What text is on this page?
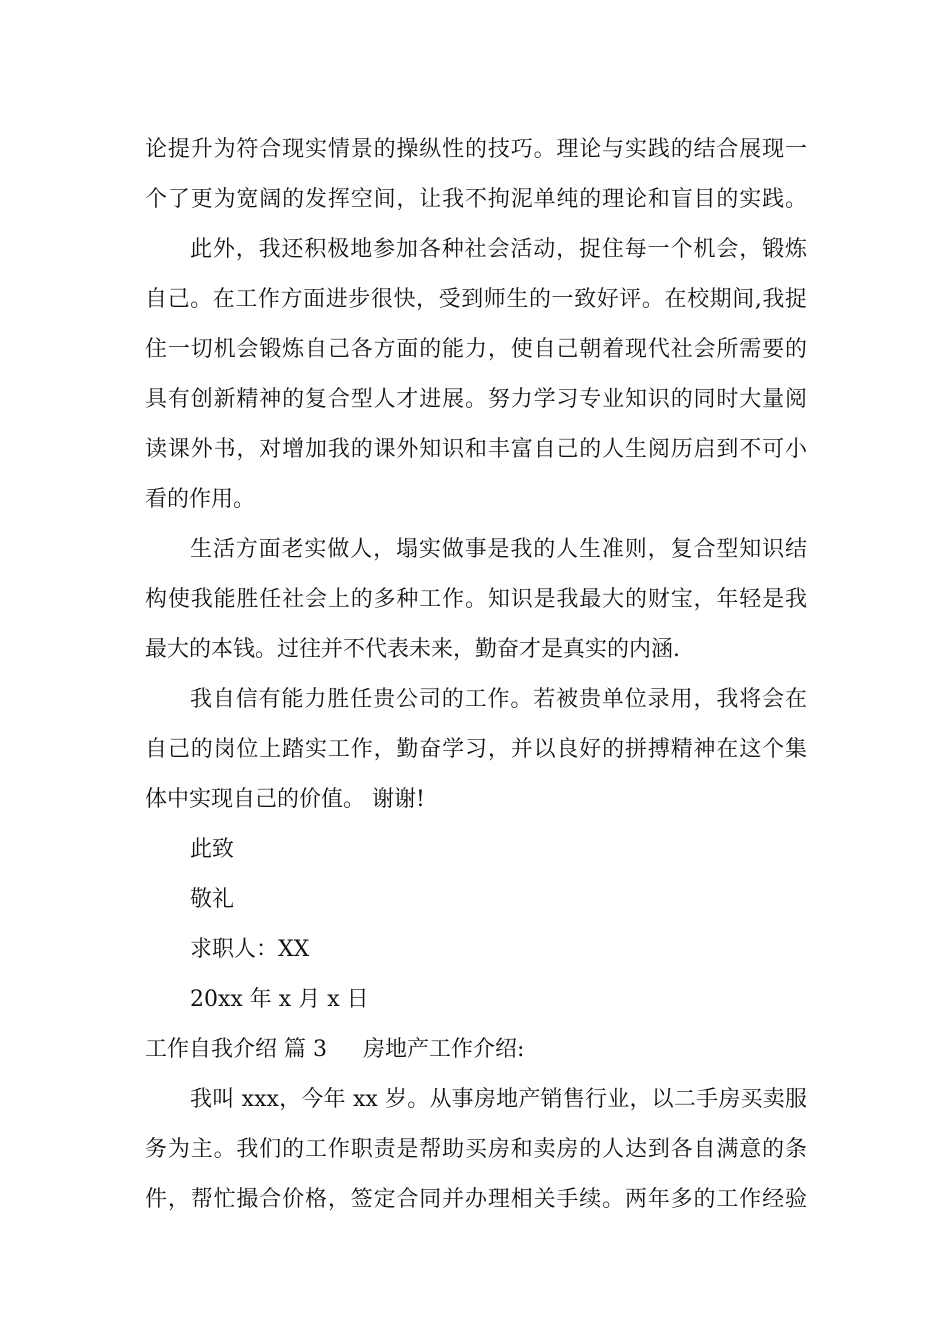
论提升为符合现实情景的操纵性的技巧。理论与实践的结合展现一

个了更为宽阔的发挥空间，让我不拘泥单纯的理论和盲目的实践。

此外，我还积极地参加各种社会活动，捉住每一个机会，锻炼

自己。在工作方面进步很快，受到师生的一致好评。在校期间,我捉

住一切机会锻炼自己各方面的能力，使自己朝着现代社会所需要的

具有创新精神的复合型人才进展。努力学习专业知识的同时大量阅

读课外书，对增加我的课外知识和丰富自己的人生阅历启到不可小

看的作用。

生活方面老实做人，塌实做事是我的人生准则，复合型知识结

构使我能胜任社会上的多种工作。知识是我最大的财宝，年轻是我

最大的本钱。过往并不代表未来，勤奋才是真实的内涵.

我自信有能力胜任贵公司的工作。若被贵单位录用，我将会在

自己的岗位上踏实工作，勤奋学习，并以良好的拼搏精神在这个集

体中实现自己的价值。 谢谢!

此致

敬礼

求职人：XX

20xx 年 x 月 x 日

工作自我介绍 篇 3 房地产工作介绍:

我叫 xxx，今年 xx 岁。从事房地产销售行业，以二手房买卖服

务为主。我们的工作职责是帮助买房和卖房的人达到各自满意的条

件，帮忙撮合价格，签定合同并办理相关手续。两年多的工作经验
